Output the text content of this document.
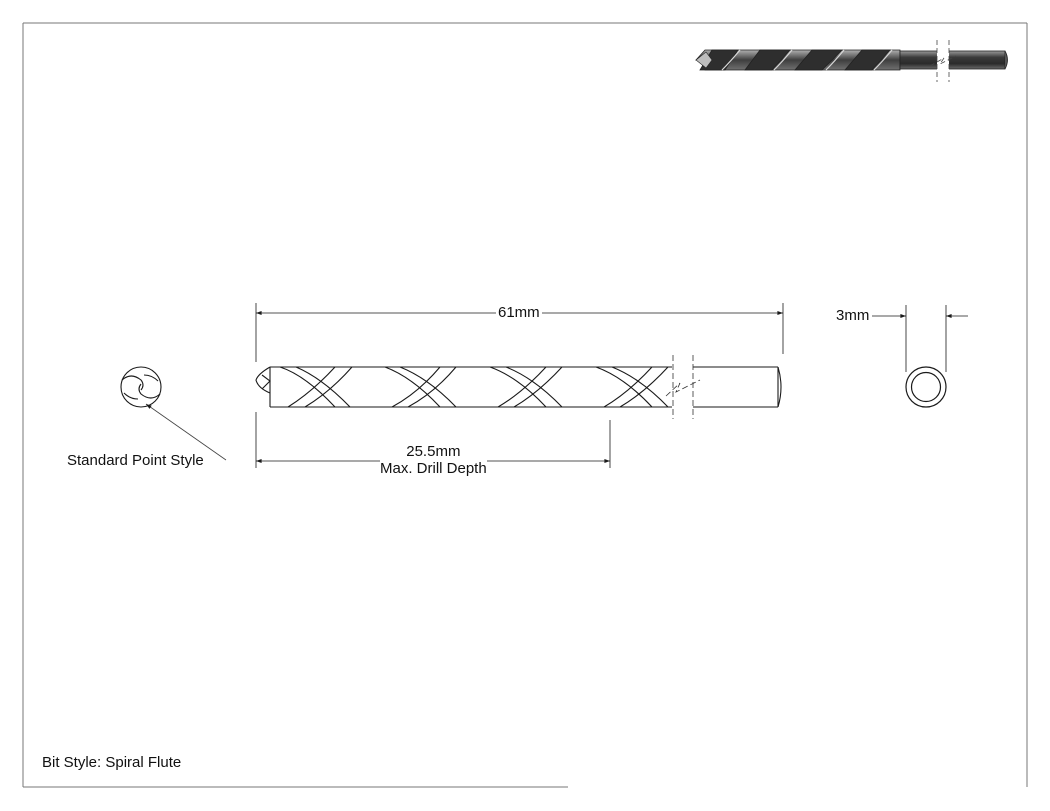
61mm	3mm
25.5mm
Max. Drill Depth
Standard Point Style
Bit Style: Spiral Flute
